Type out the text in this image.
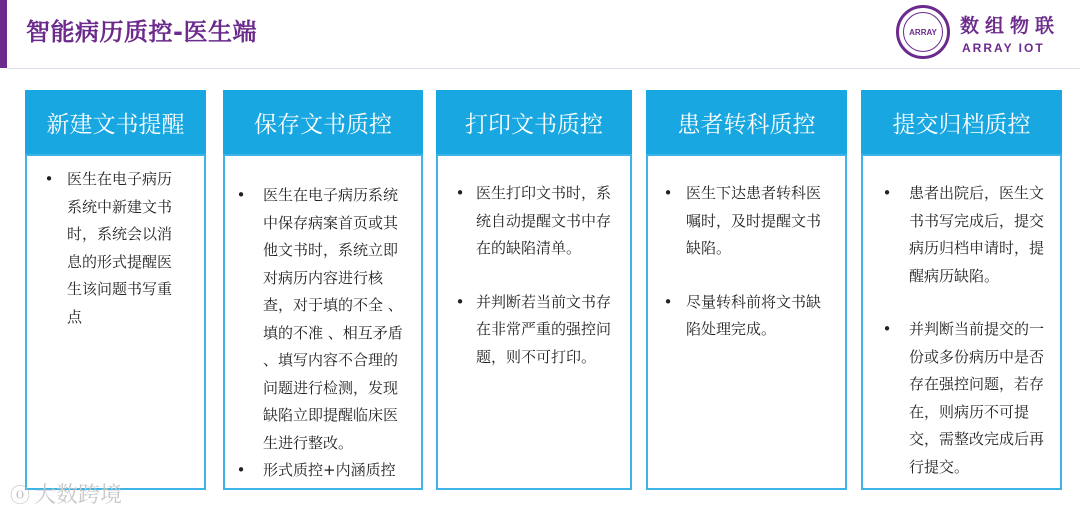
智能病历质控-医生端	ARRAY	数组物联
ARRAY IOT
新建文书提醒
• 医生在电子病历系统中新建文书时，系统会以消息的形式提醒医生该问题书写重点
保存文书质控
•	医生在电子病历系统中保存病案首页或其他文书时，系统立即对病历内容进行核查，对于填的不全 、填的不准 、相互矛盾 、填写内容不合理的问题进行检测，发现缺陷立即提醒临床医生进行整改。
•	形式质控+内涵质控
打印文书质控
• 医生打印文书时，系统自动提醒文书中存在的缺陷清单。
• 并判断若当前文书存在非常严重的强控问题，则不可打印。
患者转科质控
• 医生下达患者转科医嘱时，及时提醒文书缺陷。
• 尽量转科前将文书缺陷处理完成。
提交归档质控
•	患者出院后，医生文书书写完成后，提交病历归档申请时，提醒病历缺陷。
•	并判断当前提交的一份或多份病历中是否存在强控问题，若存在，则病历不可提交，需整改完成后再行提交。
ⓞ 大数跨境
